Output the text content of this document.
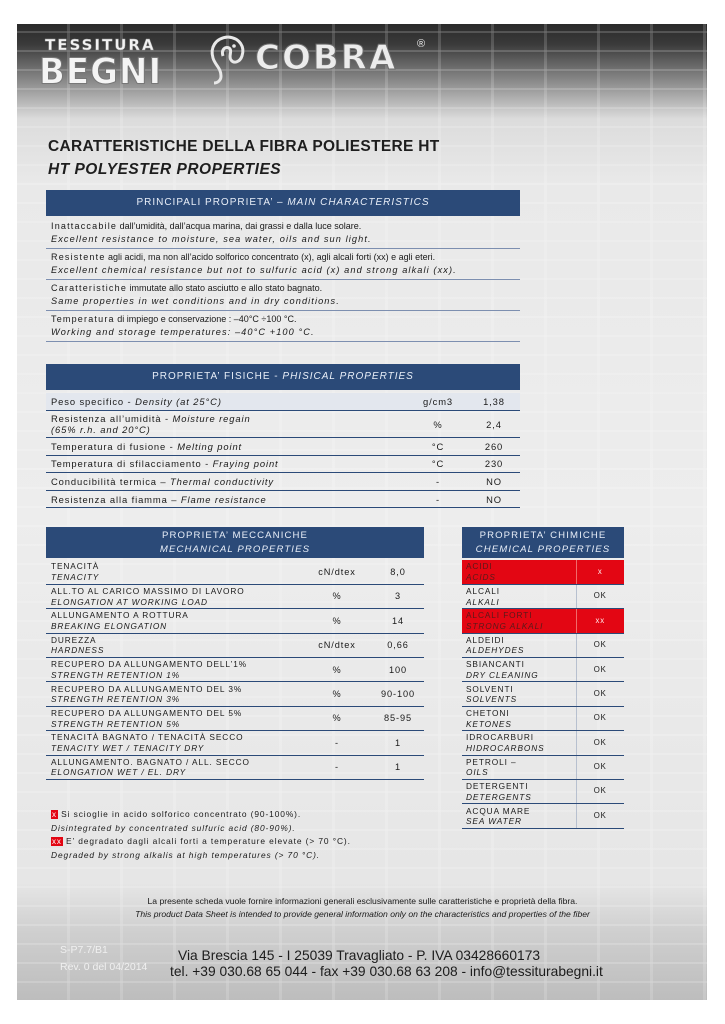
TESSITURA
BEGNI	COBRA ®
CARATTERISTICHE DELLA FIBRA POLIESTERE HT
HT POLYESTER PROPERTIES
PRINCIPALI PROPRIETA’ – MAIN CHARACTERISTICS
Inattaccabile dall’umidità, dall’acqua marina, dai grassi e dalla luce solare.
Excellent resistance to moisture, sea water, oils and sun light.
Resistente agli acidi, ma non all’acido solforico concentrato (x), agli alcali forti (xx) e agli eteri.
Excellent chemical resistance but not to sulfuric acid (x) and strong alkali (xx).
Caratteristiche immutate allo stato asciutto e allo stato bagnato.
Same properties in wet conditions and in dry conditions.
Temperatura di impiego e conservazione : –40°C ÷100 °C.
Working and storage temperatures: –40°C +100 °C.
PROPRIETA’ FISICHE - PHISICAL PROPERTIES
Peso specifico - Density (at 25°C)	g/cm3	1,38
Resistenza all’umidità - Moisture regain
(65% r.h. and 20°C)	%	2,4
Temperatura di fusione - Melting point	°C	260
Temperatura di sfilacciamento - Fraying point	°C	230
Conducibilità termica – Thermal conductivity	-	NO
Resistenza alla fiamma – Flame resistance	-	NO
PROPRIETA’ MECCANICHE
MECHANICAL PROPERTIES
TENACITÀ
TENACITY	cN/dtex	8,0

ALL.TO AL CARICO MASSIMO DI LAVORO
ELONGATION AT WORKING LOAD	%	3

ALLUNGAMENTO A ROTTURA
BREAKING ELONGATION	%	14

DUREZZA
HARDNESS	cN/dtex	0,66

RECUPERO DA ALLUNGAMENTO DELL’1%
STRENGTH RETENTION 1%	%	100

RECUPERO DA ALLUNGAMENTO DEL 3%
STRENGTH RETENTION 3%	%	90-100

RECUPERO DA ALLUNGAMENTO DEL 5%
STRENGTH RETENTION 5%	%	85-95

TENACITÀ BAGNATO / TENACITÀ SECCO
TENACITY WET / TENACITY DRY	-	1

ALLUNGAMENTO. BAGNATO / ALL. SECCO
ELONGATION WET / EL. DRY	-	1
PROPRIETA’ CHIMICHE
CHEMICAL PROPERTIES
ACIDI
ACIDS	x

ALCALI
ALKALI	OK

ALCALI FORTI
STRONG ALKALI	xx

ALDEIDI
ALDEHYDES	OK

SBIANCANTI
DRY CLEANING	OK

SOLVENTI
SOLVENTS	OK

CHETONI
KETONES	OK

IDROCARBURI
HIDROCARBONS	OK

PETROLI –
OILS	OK

DETERGENTI
DETERGENTS	OK

ACQUA MARE
SEA WATER	OK
x Si scioglie in acido solforico concentrato (90-100%).
Disintegrated by concentrated sulfuric acid (80-90%).
xx E’ degradato dagli alcali forti a temperature elevate (> 70 °C).
Degraded by strong alkalis at high temperatures (> 70 °C).
La presente scheda vuole fornire informazioni generali esclusivamente sulle caratteristiche e proprietà della fibra.
This product Data Sheet is intended to provide general information only on the characteristics and properties of the fiber
S-P7.7/B1
Rev. 0 del 04/2014
Via Brescia 145 - I 25039 Travagliato - P. IVA 03428660173
tel. +39 030.68 65 044 - fax +39 030.68 63 208 - info@tessiturabegni.it
